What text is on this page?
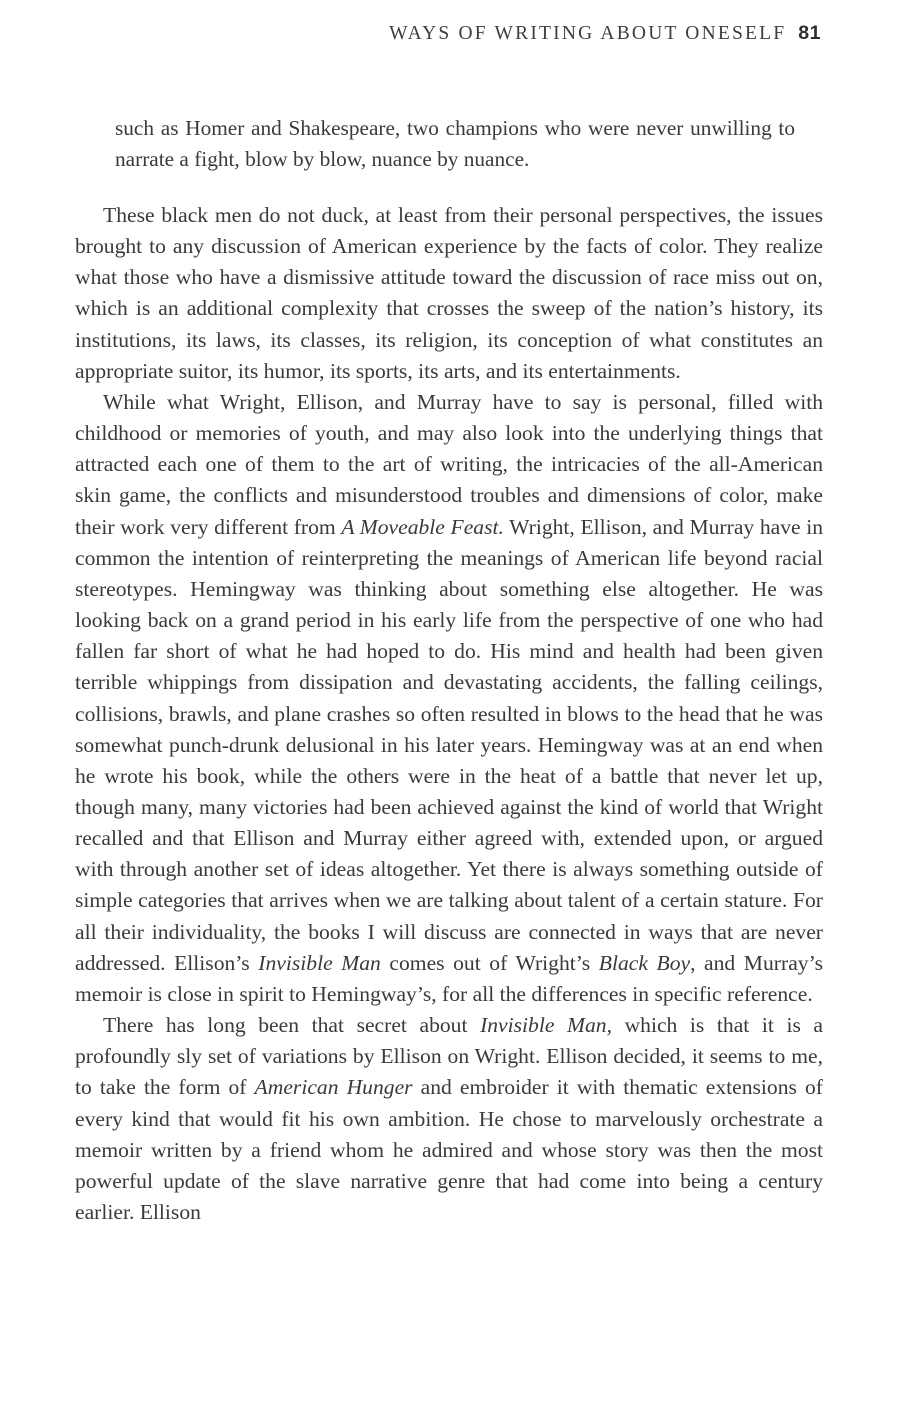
WAYS OF WRITING ABOUT ONESELF 81

such as Homer and Shakespeare, two champions who were never unwilling to narrate a fight, blow by blow, nuance by nuance.

These black men do not duck, at least from their personal perspectives, the issues brought to any discussion of American experience by the facts of color. They realize what those who have a dismissive attitude toward the discussion of race miss out on, which is an additional complexity that crosses the sweep of the nation’s history, its institutions, its laws, its classes, its religion, its conception of what constitutes an appropriate suitor, its humor, its sports, its arts, and its entertainments.

While what Wright, Ellison, and Murray have to say is personal, filled with childhood or memories of youth, and may also look into the underlying things that attracted each one of them to the art of writing, the intricacies of the all-American skin game, the conflicts and misunderstood troubles and dimensions of color, make their work very different from A Moveable Feast. Wright, Ellison, and Murray have in common the intention of reinterpreting the meanings of American life beyond racial stereotypes. Hemingway was thinking about something else altogether. He was looking back on a grand period in his early life from the perspective of one who had fallen far short of what he had hoped to do. His mind and health had been given terrible whippings from dissipation and devastating accidents, the falling ceilings, collisions, brawls, and plane crashes so often resulted in blows to the head that he was somewhat punch-drunk delusional in his later years. Hemingway was at an end when he wrote his book, while the others were in the heat of a battle that never let up, though many, many victories had been achieved against the kind of world that Wright recalled and that Ellison and Murray either agreed with, extended upon, or argued with through another set of ideas altogether. Yet there is always something outside of simple categories that arrives when we are talking about talent of a certain stature. For all their individuality, the books I will discuss are connected in ways that are never addressed. Ellison’s Invisible Man comes out of Wright’s Black Boy, and Murray’s memoir is close in spirit to Hemingway’s, for all the differences in specific reference.

There has long been that secret about Invisible Man, which is that it is a profoundly sly set of variations by Ellison on Wright. Ellison decided, it seems to me, to take the form of American Hunger and embroider it with thematic extensions of every kind that would fit his own ambition. He chose to marvelously orchestrate a memoir written by a friend whom he admired and whose story was then the most powerful update of the slave narrative genre that had come into being a century earlier. Ellison
